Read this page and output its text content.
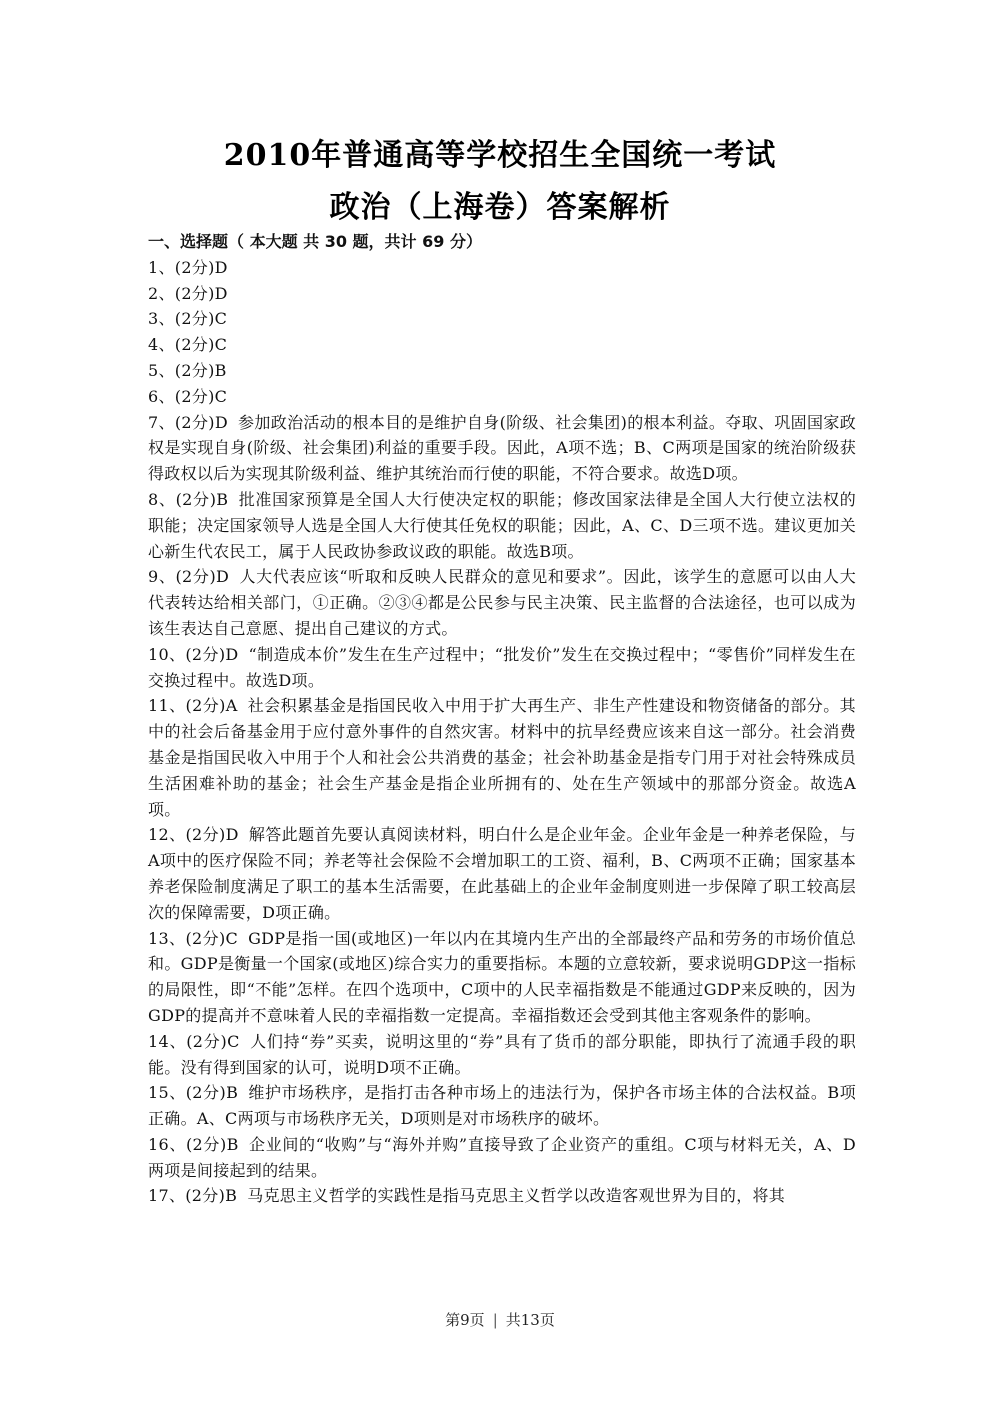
2010年普通高等学校招生全国统一考试
政治（上海卷）答案解析
一、选择题（ 本大题 共 30 题，共计 69 分）
1、(2分)D
2、(2分)D
3、(2分)C
4、(2分)C
5、(2分)B
6、(2分)C
7、(2分)D 参加政治活动的根本目的是维护自身(阶级、社会集团)的根本利益。夺取、巩固国家政权是实现自身(阶级、社会集团)利益的重要手段。因此，A项不选；B、C两项是国家的统治阶级获得政权以后为实现其阶级利益、维护其统治而行使的职能，不符合要求。故选D项。
8、(2分)B 批准国家预算是全国人大行使决定权的职能；修改国家法律是全国人大行使立法权的职能；决定国家领导人选是全国人大行使其任免权的职能；因此，A、C、D三项不选。建议更加关心新生代农民工，属于人民政协参政议政的职能。故选B项。
9、(2分)D 人大代表应该“听取和反映人民群众的意见和要求”。因此，该学生的意愿可以由人大代表转达给相关部门，①正确。②③④都是公民参与民主决策、民主监督的合法途径，也可以成为该生表达自己意愿、提出自己建议的方式。
10、(2分)D “制造成本价”发生在生产过程中；“批发价”发生在交换过程中；“零售价”同样发生在交换过程中。故选D项。
11、(2分)A 社会积累基金是指国民收入中用于扩大再生产、非生产性建设和物资储备的部分。其中的社会后备基金用于应付意外事件的自然灾害。材料中的抗旱经费应该来自这一部分。社会消费基金是指国民收入中用于个人和社会公共消费的基金；社会补助基金是指专门用于对社会特殊成员生活困难补助的基金；社会生产基金是指企业所拥有的、处在生产领域中的那部分资金。故选A项。
12、(2分)D 解答此题首先要认真阅读材料，明白什么是企业年金。企业年金是一种养老保险，与A项中的医疗保险不同；养老等社会保险不会增加职工的工资、福利，B、C两项不正确；国家基本养老保险制度满足了职工的基本生活需要，在此基础上的企业年金制度则进一步保障了职工较高层次的保障需要，D项正确。
13、(2分)C GDP是指一国(或地区)一年以内在其境内生产出的全部最终产品和劳务的市场价值总和。GDP是衡量一个国家(或地区)综合实力的重要指标。本题的立意较新，要求说明GDP这一指标的局限性，即“不能”怎样。在四个选项中，C项中的人民幸福指数是不能通过GDP来反映的，因为GDP的提高并不意味着人民的幸福指数一定提高。幸福指数还会受到其他主客观条件的影响。
14、(2分)C 人们持“券”买卖，说明这里的“券”具有了货币的部分职能，即执行了流通手段的职能。没有得到国家的认可，说明D项不正确。
15、(2分)B 维护市场秩序，是指打击各种市场上的违法行为，保护各市场主体的合法权益。B项正确。A、C两项与市场秩序无关，D项则是对市场秩序的破坏。
16、(2分)B 企业间的“收购”与“海外并购”直接导致了企业资产的重组。C项与材料无关，A、D两项是间接起到的结果。
17、(2分)B 马克思主义哲学的实践性是指马克思主义哲学以改造客观世界为目的，将其
第9页 | 共13页
